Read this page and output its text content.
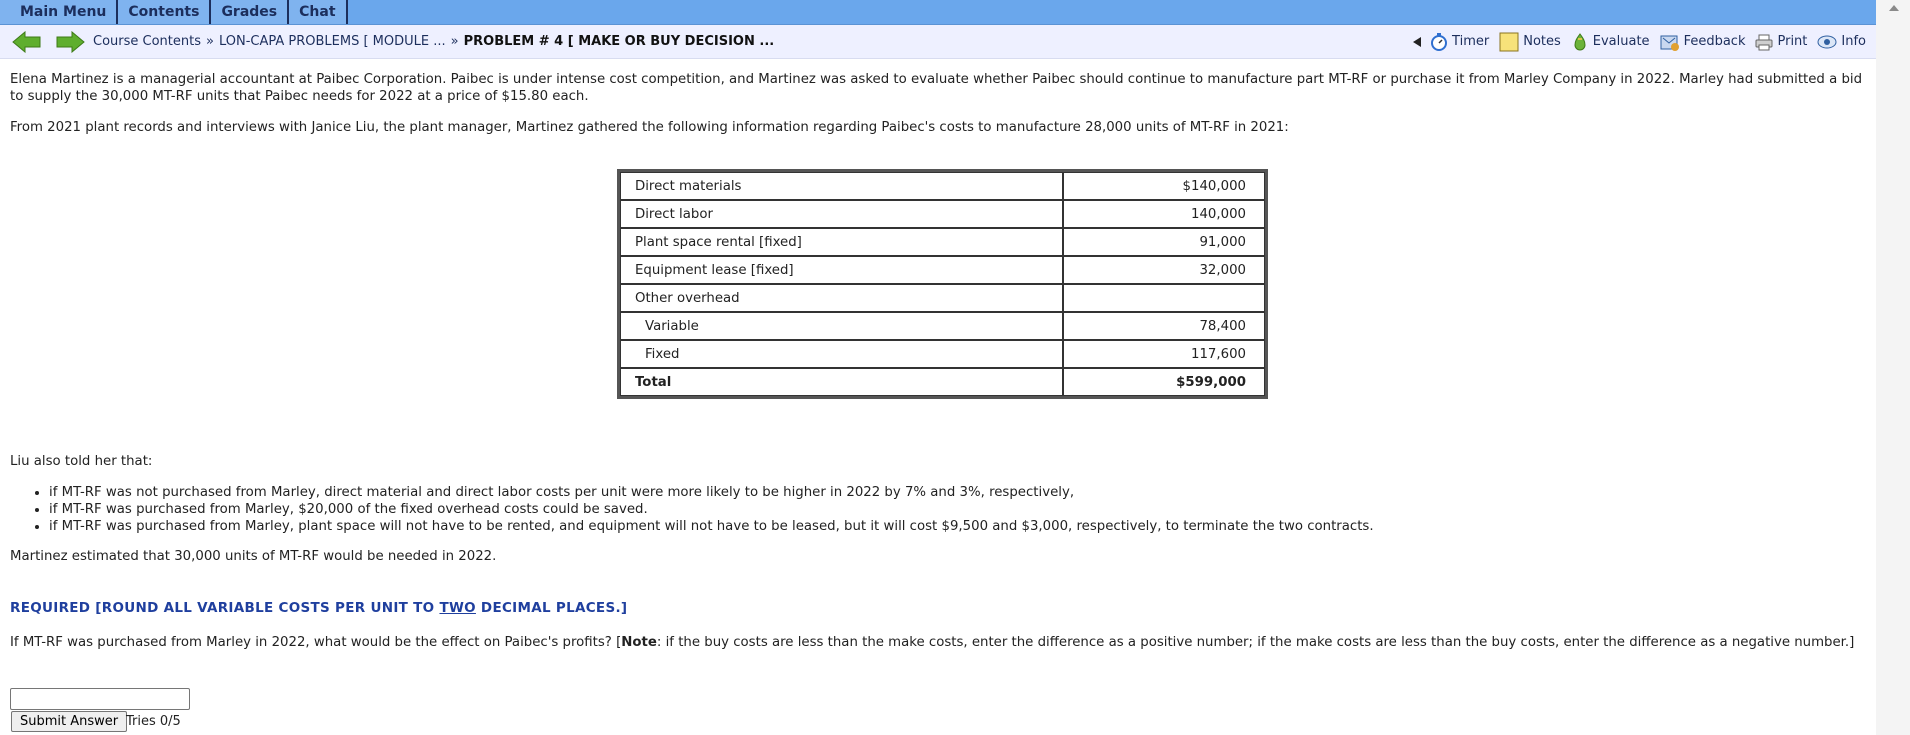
Main Menu	Contents	Grades	Chat
Course Contents » LON-CAPA PROBLEMS [ MODULE ... » PROBLEM # 4 [ MAKE OR BUY DECISION ...	Timer	Notes Evaluate	Feedback Print	Info

Elena Martinez is a managerial accountant at Paibec Corporation. Paibec is under intense cost competition, and Martinez was asked to evaluate whether Paibec should continue to manufacture part MT-RF or purchase it from Marley Company in 2022. Marley had submitted a bid to supply the 30,000 MT-RF units that Paibec needs for 2022 at a price of $15.80 each.

From 2021 plant records and interviews with Janice Liu, the plant manager, Martinez gathered the following information regarding Paibec's costs to manufacture 28,000 units of MT-RF in 2021:

Direct materials	$140,000
Direct labor	140,000
Plant space rental [fixed]	91,000
Equipment lease [fixed]	32,000
Other overhead	
Variable	78,400
Fixed	117,600
Total	$599,000

Liu also told her that:

• if MT-RF was not purchased from Marley, direct material and direct labor costs per unit were more likely to be higher in 2022 by 7% and 3%, respectively,
• if MT-RF was purchased from Marley, $20,000 of the fixed overhead costs could be saved.
• if MT-RF was purchased from Marley, plant space will not have to be rented, and equipment will not have to be leased, but it will cost $9,500 and $3,000, respectively, to terminate the two contracts.

Martinez estimated that 30,000 units of MT-RF would be needed in 2022.

REQUIRED [ROUND ALL VARIABLE COSTS PER UNIT TO TWO DECIMAL PLACES.]
If MT-RF was purchased from Marley in 2022, what would be the effect on Paibec's profits? [Note: if the buy costs are less than the make costs, enter the difference as a positive number; if the make costs are less than the buy costs, enter the difference as a negative number.]
Submit Answer Tries 0/5
